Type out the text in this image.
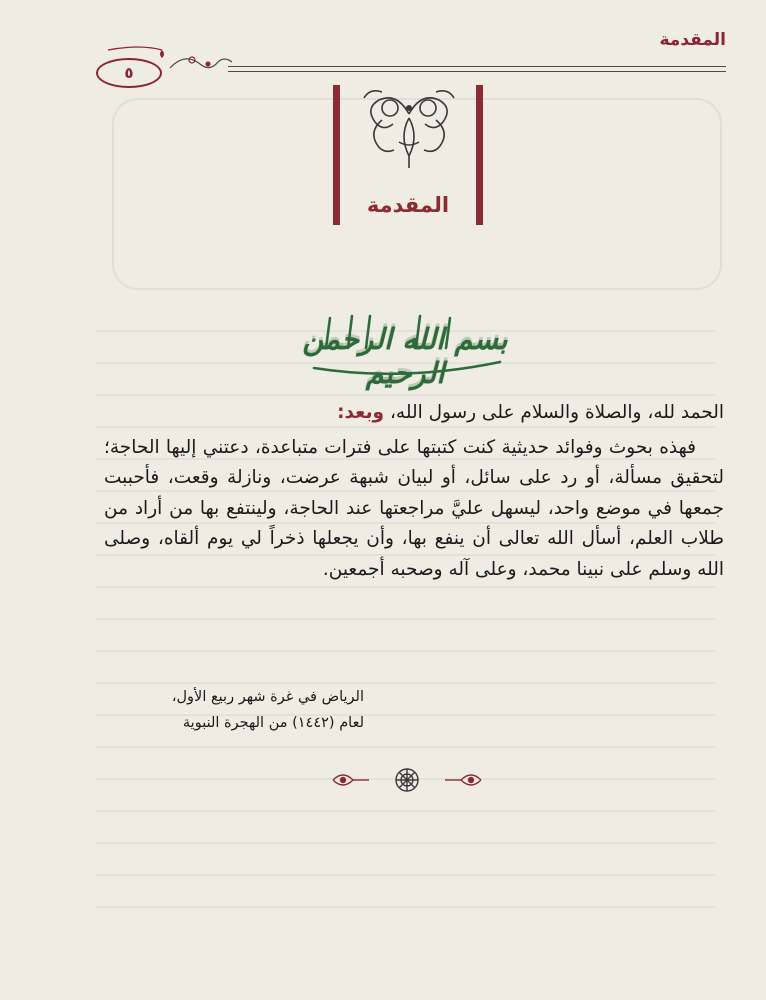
المقدمة
٥
المقدمة
بسم الله الرحمن الرحيم

الحمد لله، والصلاة والسلام على رسول الله، وبعد:

فهذه بحوث وفوائد حديثية كنت كتبتها على فترات متباعدة، دعتني إليها الحاجة؛ لتحقيق مسألة، أو رد على سائل، أو لبيان شبهة عرضت، ونازلة وقعت، فأحببت جمعها في موضع واحد، ليسهل عليَّ مراجعتها عند الحاجة، ولينتفع بها من أراد من طلاب العلم، أسأل الله تعالى أن ينفع بها، وأن يجعلها ذخراً لي يوم ألقاه، وصلى الله وسلم على نبينا محمد، وعلى آله وصحبه أجمعين.

الرياض في غرة شهر ربيع الأول،

لعام (١٤٤٢) من الهجرة النبوية
